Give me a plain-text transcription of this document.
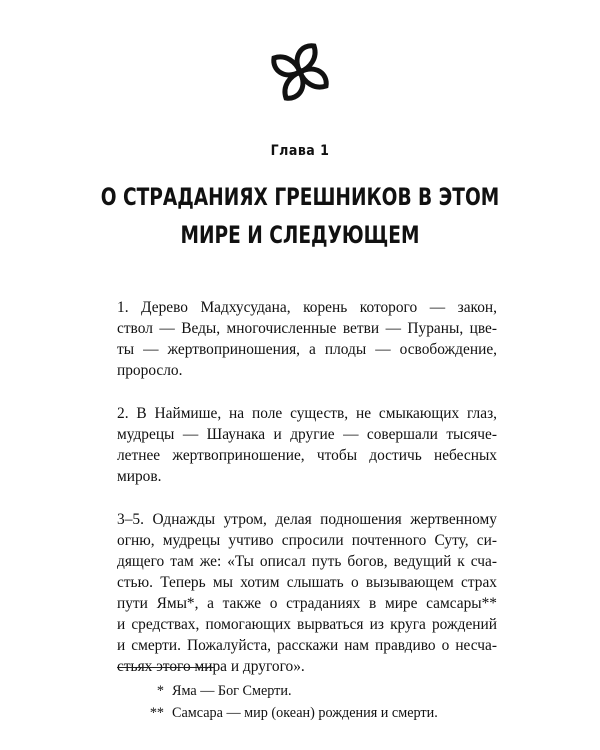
Глава 1
О СТРАДАНИЯХ ГРЕШНИКОВ В ЭТОМ
МИРЕ И СЛЕДУЮЩЕМ

1. Дерево Мадхусудана, корень которого — закон,
ствол — Веды, многочисленные ветви — Пураны, цве-
ты — жертвоприношения, а плоды — освобождение,
проросло.

2. В Наймише, на поле существ, не смыкающих глаз,
мудрецы — Шаунака и другие — совершали тысяче-
летнее жертвоприношение, чтобы достичь небесных
миров.

3–5. Однажды утром, делая подношения жертвенному
огню, мудрецы учтиво спросили почтенного Суту, си-
дящего там же: «Ты описал путь богов, ведущий к сча-
стью. Теперь мы хотим слышать о вызывающем страх
пути Ямы*, а также о страданиях в мире самсары**
и средствах, помогающих вырваться из круга рождений
и смерти. Пожалуйста, расскажи нам правдиво о несча-
стьях этого мира и другого».

* Яма — Бог Смерти.
** Самсара — мир (океан) рождения и смерти.
